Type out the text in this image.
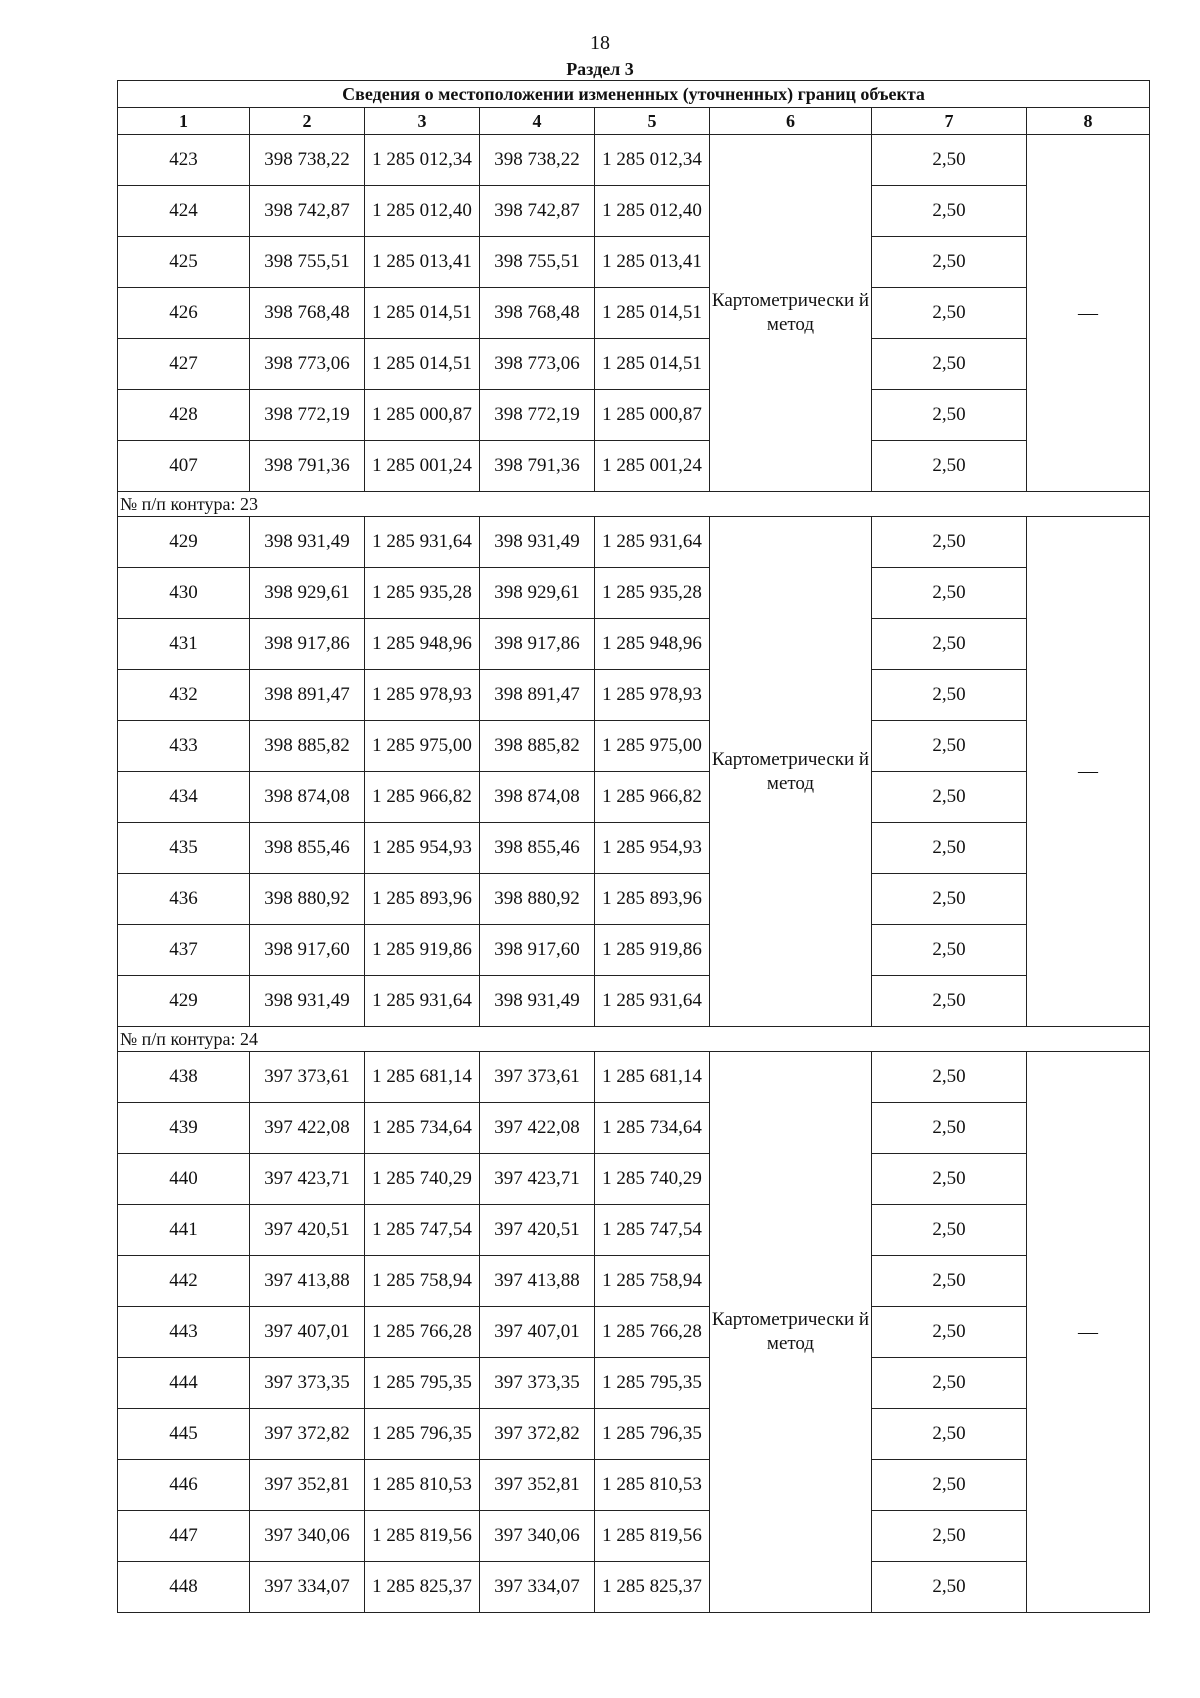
18
Раздел 3
Сведения о местоположении измененных (уточненных) границ объекта							
1	2	3	4	5	6	7	8
423	398 738,22	1 285 012,34	398 738,22	1 285 012,34	Картометрически й метод	2,50	—
424	398 742,87	1 285 012,40	398 742,87	1 285 012,40		2,50	
425	398 755,51	1 285 013,41	398 755,51	1 285 013,41		2,50	
426	398 768,48	1 285 014,51	398 768,48	1 285 014,51		2,50	
427	398 773,06	1 285 014,51	398 773,06	1 285 014,51		2,50	
428	398 772,19	1 285 000,87	398 772,19	1 285 000,87		2,50	
407	398 791,36	1 285 001,24	398 791,36	1 285 001,24		2,50	
№ п/п контура: 23							
429	398 931,49	1 285 931,64	398 931,49	1 285 931,64	Картометрически й метод	2,50	—
430	398 929,61	1 285 935,28	398 929,61	1 285 935,28		2,50	
431	398 917,86	1 285 948,96	398 917,86	1 285 948,96		2,50	
432	398 891,47	1 285 978,93	398 891,47	1 285 978,93		2,50	
433	398 885,82	1 285 975,00	398 885,82	1 285 975,00		2,50	
434	398 874,08	1 285 966,82	398 874,08	1 285 966,82		2,50	
435	398 855,46	1 285 954,93	398 855,46	1 285 954,93		2,50	
436	398 880,92	1 285 893,96	398 880,92	1 285 893,96		2,50	
437	398 917,60	1 285 919,86	398 917,60	1 285 919,86		2,50	
429	398 931,49	1 285 931,64	398 931,49	1 285 931,64		2,50	
№ п/п контура: 24							
438	397 373,61	1 285 681,14	397 373,61	1 285 681,14	Картометрически й метод	2,50	—
439	397 422,08	1 285 734,64	397 422,08	1 285 734,64		2,50	
440	397 423,71	1 285 740,29	397 423,71	1 285 740,29		2,50	
441	397 420,51	1 285 747,54	397 420,51	1 285 747,54		2,50	
442	397 413,88	1 285 758,94	397 413,88	1 285 758,94		2,50	
443	397 407,01	1 285 766,28	397 407,01	1 285 766,28		2,50	
444	397 373,35	1 285 795,35	397 373,35	1 285 795,35		2,50	
445	397 372,82	1 285 796,35	397 372,82	1 285 796,35		2,50	
446	397 352,81	1 285 810,53	397 352,81	1 285 810,53		2,50	
447	397 340,06	1 285 819,56	397 340,06	1 285 819,56		2,50	
448	397 334,07	1 285 825,37	397 334,07	1 285 825,37		2,50	
